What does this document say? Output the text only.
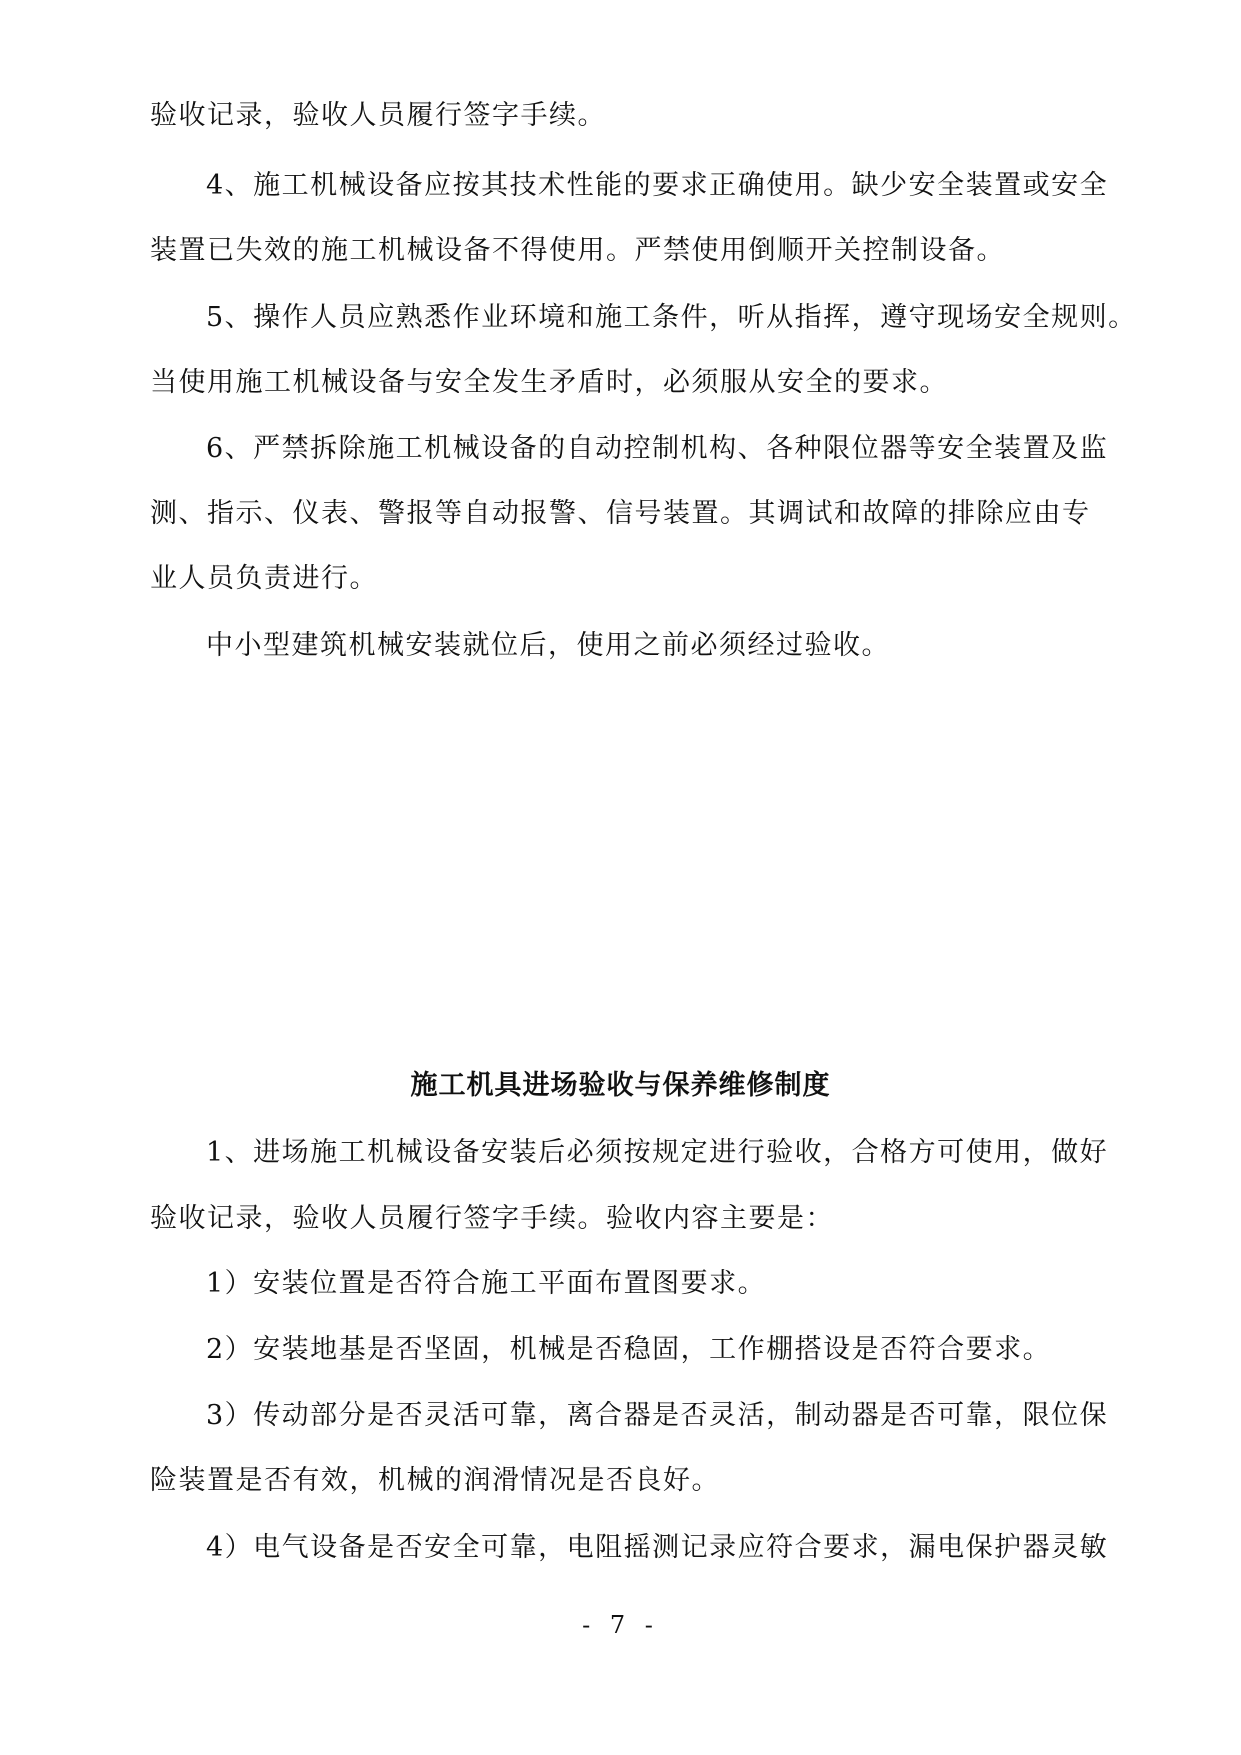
验收记录，验收人员履行签字手续。
4、施工机械设备应按其技术性能的要求正确使用。缺少安全装置或安全
装置已失效的施工机械设备不得使用。严禁使用倒顺开关控制设备。
5、操作人员应熟悉作业环境和施工条件，听从指挥，遵守现场安全规则。
当使用施工机械设备与安全发生矛盾时，必须服从安全的要求。
6、严禁拆除施工机械设备的自动控制机构、各种限位器等安全装置及监
测、指示、仪表、警报等自动报警、信号装置。其调试和故障的排除应由专
业人员负责进行。
中小型建筑机械安装就位后，使用之前必须经过验收。
施工机具进场验收与保养维修制度
1、进场施工机械设备安装后必须按规定进行验收，合格方可使用，做好
验收记录，验收人员履行签字手续。验收内容主要是：
1）安装位置是否符合施工平面布置图要求。
2）安装地基是否坚固，机械是否稳固，工作棚搭设是否符合要求。
3）传动部分是否灵活可靠，离合器是否灵活，制动器是否可靠，限位保
险装置是否有效，机械的润滑情况是否良好。
4）电气设备是否安全可靠，电阻摇测记录应符合要求，漏电保护器灵敏
- 7 -
